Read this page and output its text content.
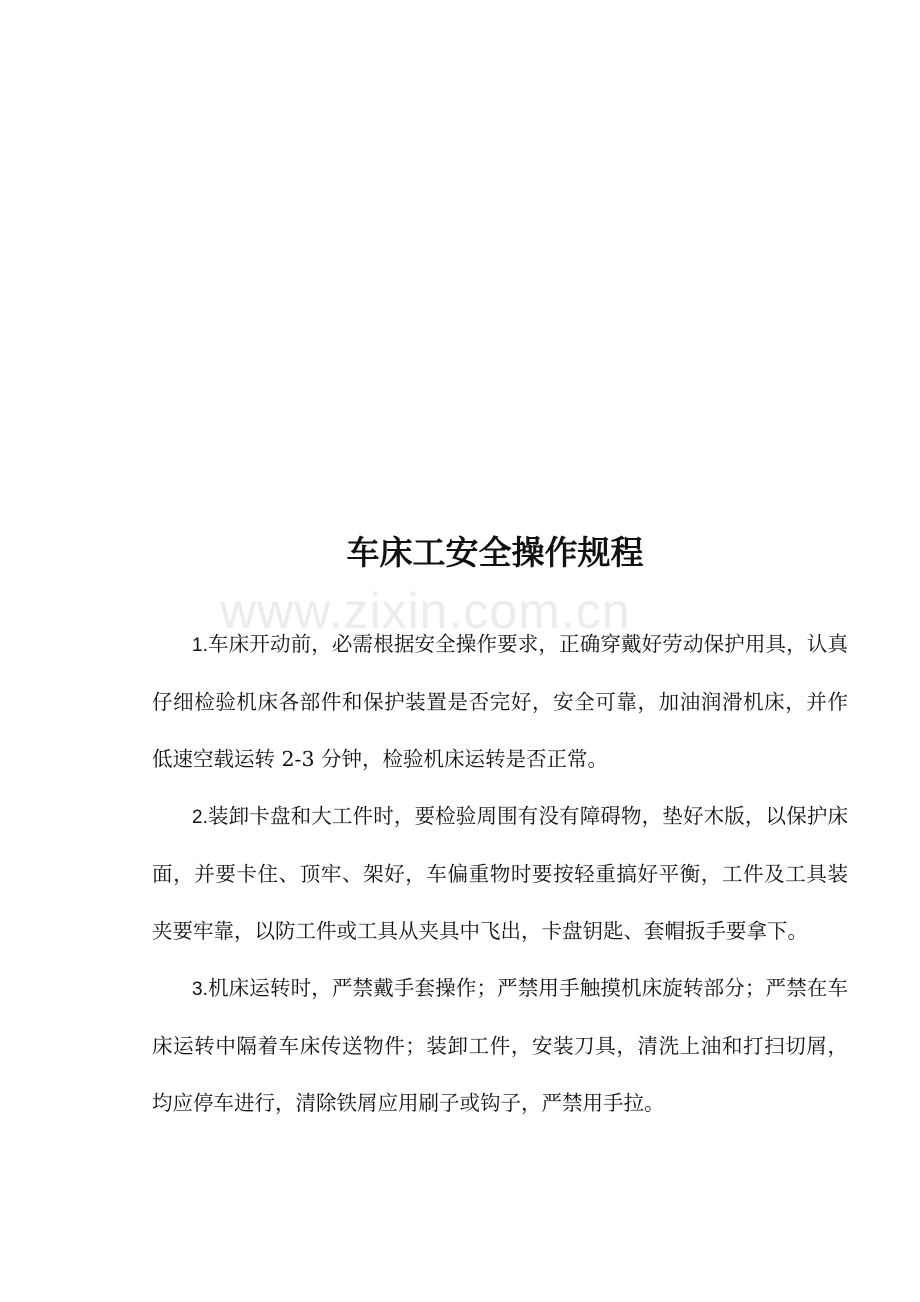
www.zixin.com.cn
车床工安全操作规程

1.车床开动前，必需根据安全操作要求，正确穿戴好劳动保护用具，认真仔细检验机床各部件和保护装置是否完好，安全可靠，加油润滑机床，并作低速空载运转 2-3 分钟，检验机床运转是否正常。

2.装卸卡盘和大工件时，要检验周围有没有障碍物，垫好木版，以保护床面，并要卡住、顶牢、架好，车偏重物时要按轻重搞好平衡，工件及工具装夹要牢靠，以防工件或工具从夹具中飞出，卡盘钥匙、套帽扳手要拿下。

3.机床运转时，严禁戴手套操作；严禁用手触摸机床旋转部分；严禁在车床运转中隔着车床传送物件；装卸工件，安装刀具，清洗上油和打扫切屑，均应停车进行，清除铁屑应用刷子或钩子，严禁用手拉。
